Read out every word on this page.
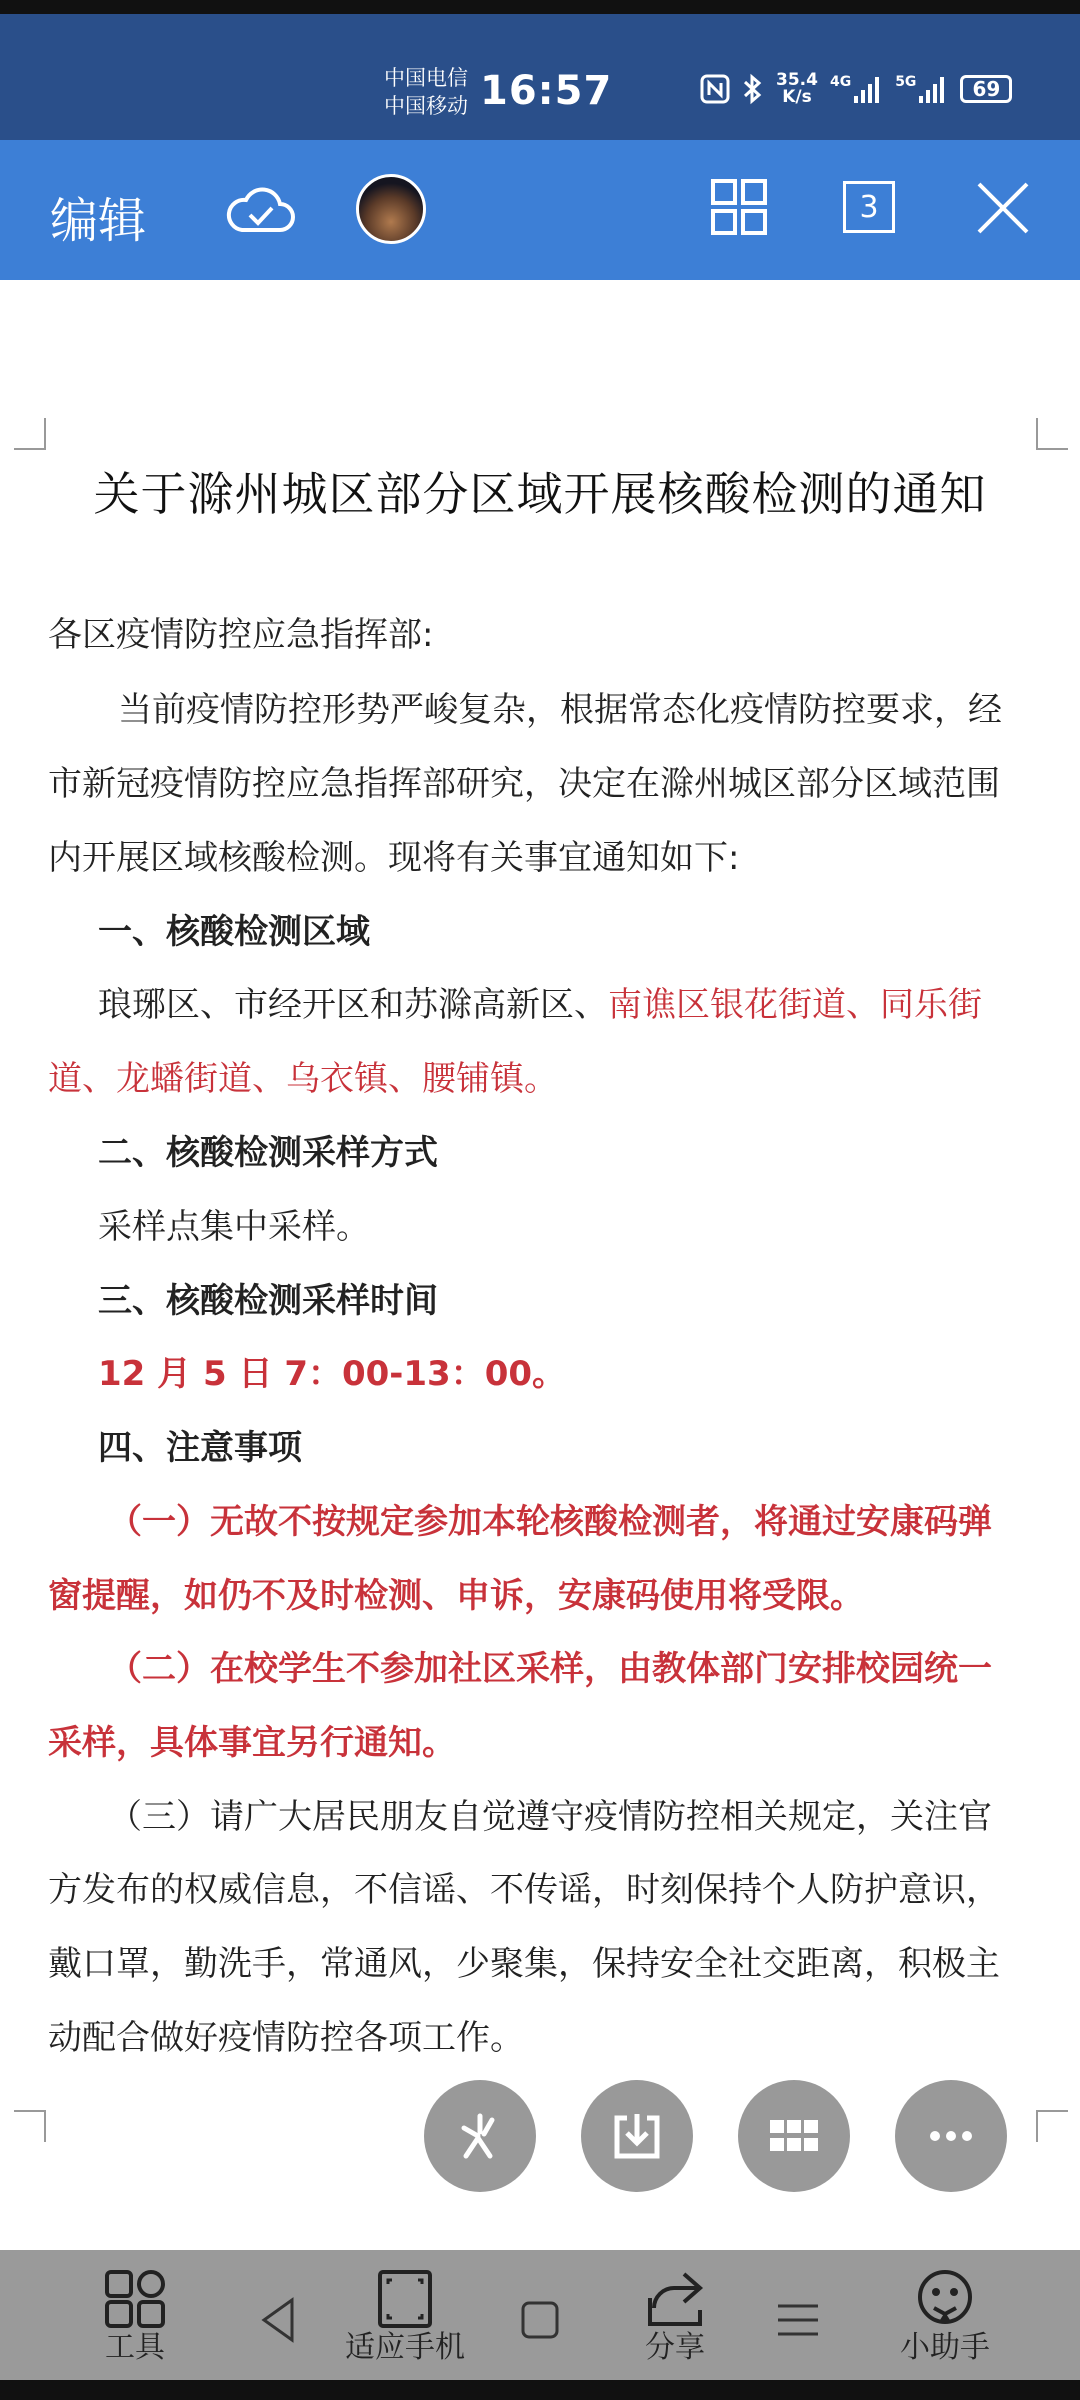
中国电信
中国移动 16:57	35.4
K/s
4G	5G	69
编辑	3
关于滁州城区部分区域开展核酸检测的通知
各区疫情防控应急指挥部:
当前疫情防控形势严峻复杂，根据常态化疫情防控要求，经
市新冠疫情防控应急指挥部研究，决定在滁州城区部分区域范围
内开展区域核酸检测。现将有关事宜通知如下:
一、核酸检测区域
琅琊区、市经开区和苏滁高新区、南谯区银花街道、同乐街
道、龙蟠街道、乌衣镇、腰铺镇。
二、核酸检测采样方式
采样点集中采样。
三、核酸检测采样时间
12 月 5 日 7：00-13：00。
四、注意事项
（一）无故不按规定参加本轮核酸检测者，将通过安康码弹
窗提醒，如仍不及时检测、申诉，安康码使用将受限。
（二）在校学生不参加社区采样，由教体部门安排校园统一
采样，具体事宜另行通知。
（三）请广大居民朋友自觉遵守疫情防控相关规定，关注官
方发布的权威信息，不信谣、不传谣，时刻保持个人防护意识，
戴口罩，勤洗手，常通风，少聚集，保持安全社交距离，积极主
动配合做好疫情防控各项工作。
工具	适应手机	分享	小助手
